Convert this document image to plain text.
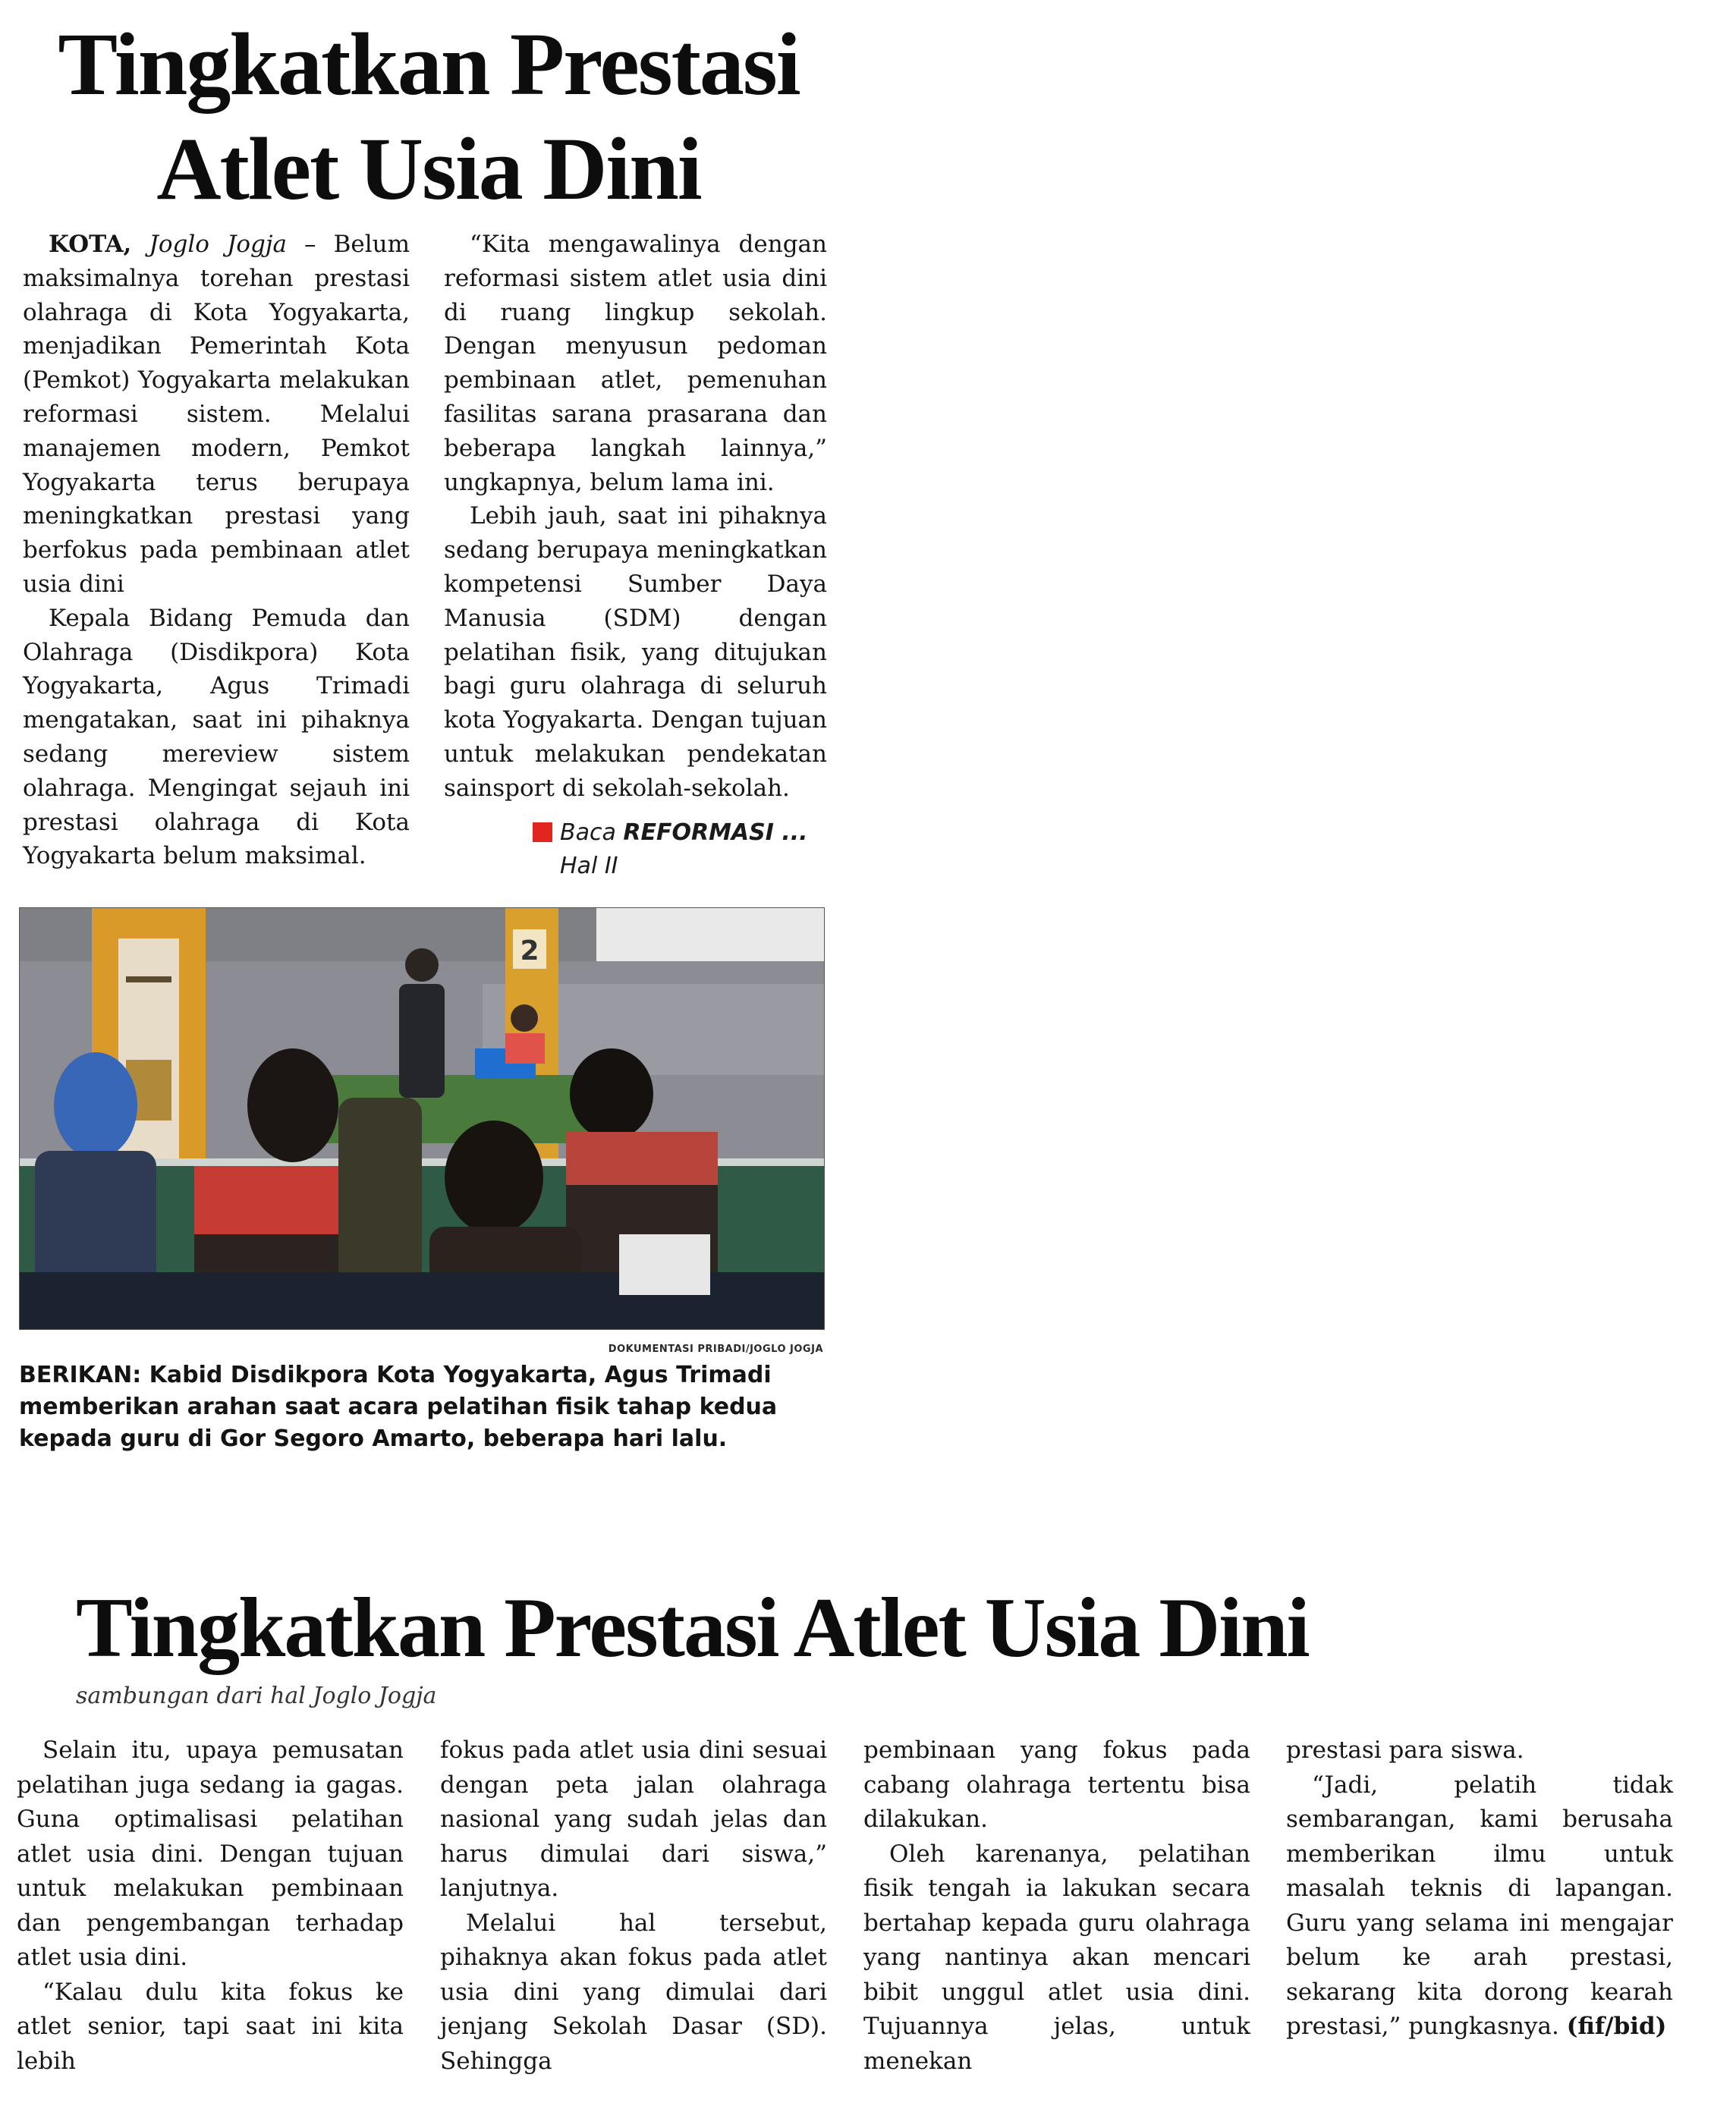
Tingkatkan Prestasi
Atlet Usia Dini

KOTA, Joglo Jogja – Belum maksimalnya torehan prestasi olahraga di Kota Yogyakarta, menjadikan Pemerintah Kota (Pemkot) Yogyakarta melakukan reformasi sistem. Melalui manajemen modern, Pemkot Yogyakarta terus berupaya meningkatkan prestasi yang berfokus pada pembinaan atlet usia dini

Kepala Bidang Pemuda dan Olahraga (Disdikpora) Kota Yogyakarta, Agus Trimadi mengatakan, saat ini pihaknya sedang mereview sistem olahraga. Mengingat sejauh ini prestasi olahraga di Kota Yogyakarta belum maksimal.

“Kita mengawalinya dengan reformasi sistem atlet usia dini di ruang lingkup sekolah. Dengan menyusun pedoman pembinaan atlet, pemenuhan fasilitas sarana prasarana dan beberapa langkah lainnya,” ungkapnya, belum lama ini.

Lebih jauh, saat ini pihaknya sedang berupaya meningkatkan kompetensi Sumber Daya Manusia (SDM) dengan pelatihan fisik, yang ditujukan bagi guru olahraga di seluruh kota Yogyakarta. Dengan tujuan untuk melakukan pendekatan sainsport di sekolah-sekolah.

Baca REFORMASI ...
Hal II
2
DOKUMENTASI PRIBADI/JOGLO JOGJA
BERIKAN: Kabid Disdikpora Kota Yogyakarta, Agus Trimadi memberikan arahan saat acara pelatihan fisik tahap kedua kepada guru di Gor Segoro Amarto, beberapa hari lalu.
Tingkatkan Prestasi Atlet Usia Dini
sambungan dari hal Joglo Jogja

Selain itu, upaya pemusatan pelatihan juga sedang ia gagas. Guna optimalisasi pelatihan atlet usia dini. Dengan tujuan untuk melakukan pembinaan dan pengembangan terhadap atlet usia dini.

“Kalau dulu kita fokus ke atlet senior, tapi saat ini kita lebih

fokus pada atlet usia dini sesuai dengan peta jalan olahraga nasional yang sudah jelas dan harus dimulai dari siswa,” lanjutnya.

Melalui hal tersebut, pihaknya akan fokus pada atlet usia dini yang dimulai dari jenjang Sekolah Dasar (SD). Sehingga

pembinaan yang fokus pada cabang olahraga tertentu bisa dilakukan.

Oleh karenanya, pelatihan fisik tengah ia lakukan secara bertahap kepada guru olahraga yang nantinya akan mencari bibit unggul atlet usia dini. Tujuannya jelas, untuk menekan

prestasi para siswa.

“Jadi, pelatih tidak sembarangan, kami berusaha memberikan ilmu untuk masalah teknis di lapangan. Guru yang selama ini mengajar belum ke arah prestasi, sekarang kita dorong kearah prestasi,” pungkasnya. (fif/bid)
